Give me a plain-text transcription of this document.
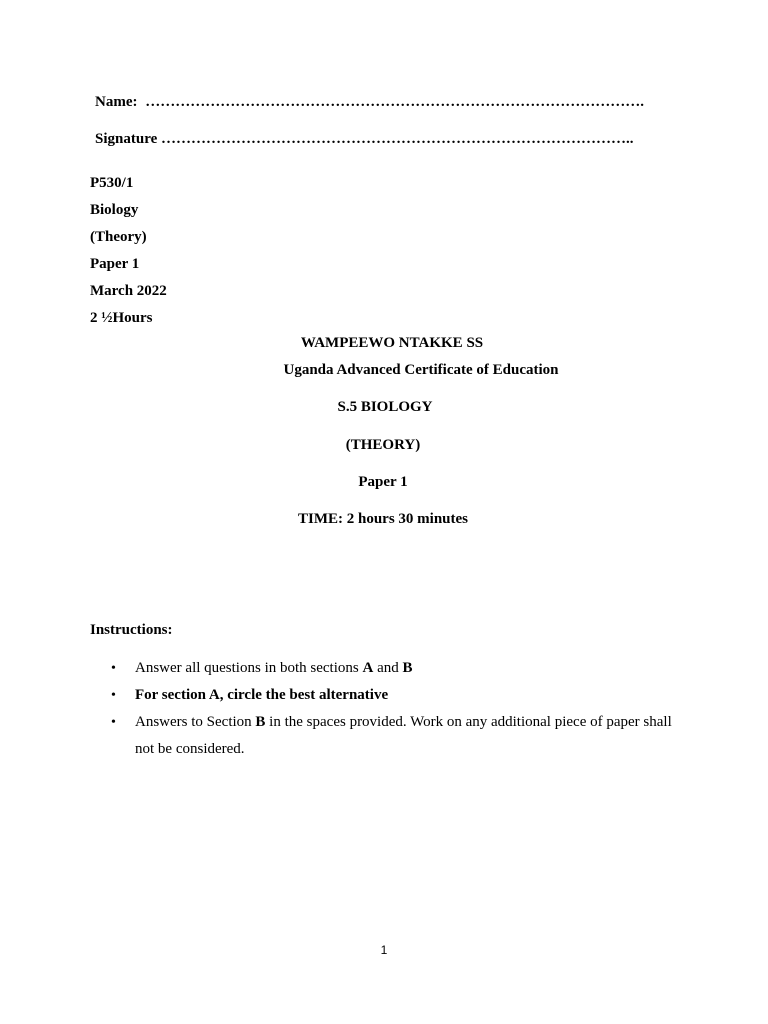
Name: ……………………………………………………………………………………….
Signature …………………………………………………………………………………..
P530/1
Biology
(Theory)
Paper 1
March 2022
2 ½Hours
WAMPEEWO NTAKKE SS
Uganda Advanced Certificate of Education
S.5 BIOLOGY
(THEORY)
Paper 1
TIME: 2 hours 30 minutes
Instructions:
• Answer all questions in both sections A and B
• For section A, circle the best alternative
• Answers to Section B in the spaces provided. Work on any additional piece of paper shall not be considered.
1
